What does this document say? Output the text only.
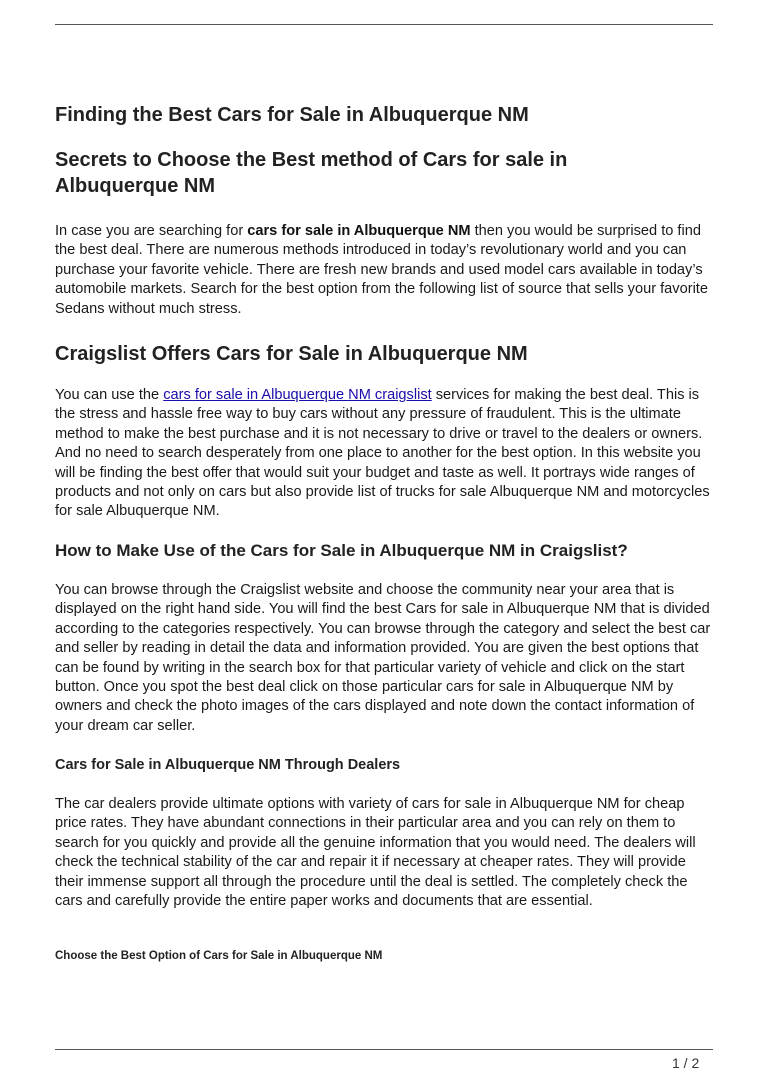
Finding the Best Cars for Sale in Albuquerque NM
Secrets to Choose the Best method of Cars for sale in Albuquerque NM

In case you are searching for cars for sale in Albuquerque NM then you would be surprised to find the best deal. There are numerous methods introduced in today’s revolutionary world and you can purchase your favorite vehicle. There are fresh new brands and used model cars available in today’s automobile markets. Search for the best option from the following list of source that sells your favorite Sedans without much stress.

Craigslist Offers Cars for Sale in Albuquerque NM

You can use the cars for sale in Albuquerque NM craigslist services for making the best deal. This is the stress and hassle free way to buy cars without any pressure of fraudulent. This is the ultimate method to make the best purchase and it is not necessary to drive or travel to the dealers or owners. And no need to search desperately from one place to another for the best option. In this website you will be finding the best offer that would suit your budget and taste as well. It portrays wide ranges of products and not only on cars but also provide list of trucks for sale Albuquerque NM and motorcycles for sale Albuquerque NM.

How to Make Use of the Cars for Sale in Albuquerque NM in Craigslist?

You can browse through the Craigslist website and choose the community near your area that is displayed on the right hand side. You will find the best Cars for sale in Albuquerque NM that is divided according to the categories respectively. You can browse through the category and select the best car and seller by reading in detail the data and information provided. You are given the best options that can be found by writing in the search box for that particular variety of vehicle and click on the start button. Once you spot the best deal click on those particular cars for sale in Albuquerque NM by owners and check the photo images of the cars displayed and note down the contact information of your dream car seller.

Cars for Sale in Albuquerque NM Through Dealers

The car dealers provide ultimate options with variety of cars for sale in Albuquerque NM for cheap price rates. They have abundant connections in their particular area and you can rely on them to search for you quickly and provide all the genuine information that you would need. The dealers will check the technical stability of the car and repair it if necessary at cheaper rates. They will provide their immense support all through the procedure until the deal is settled. The completely check the cars and carefully provide the entire paper works and documents that are essential.

Choose the Best Option of Cars for Sale in Albuquerque NM
1 / 2
